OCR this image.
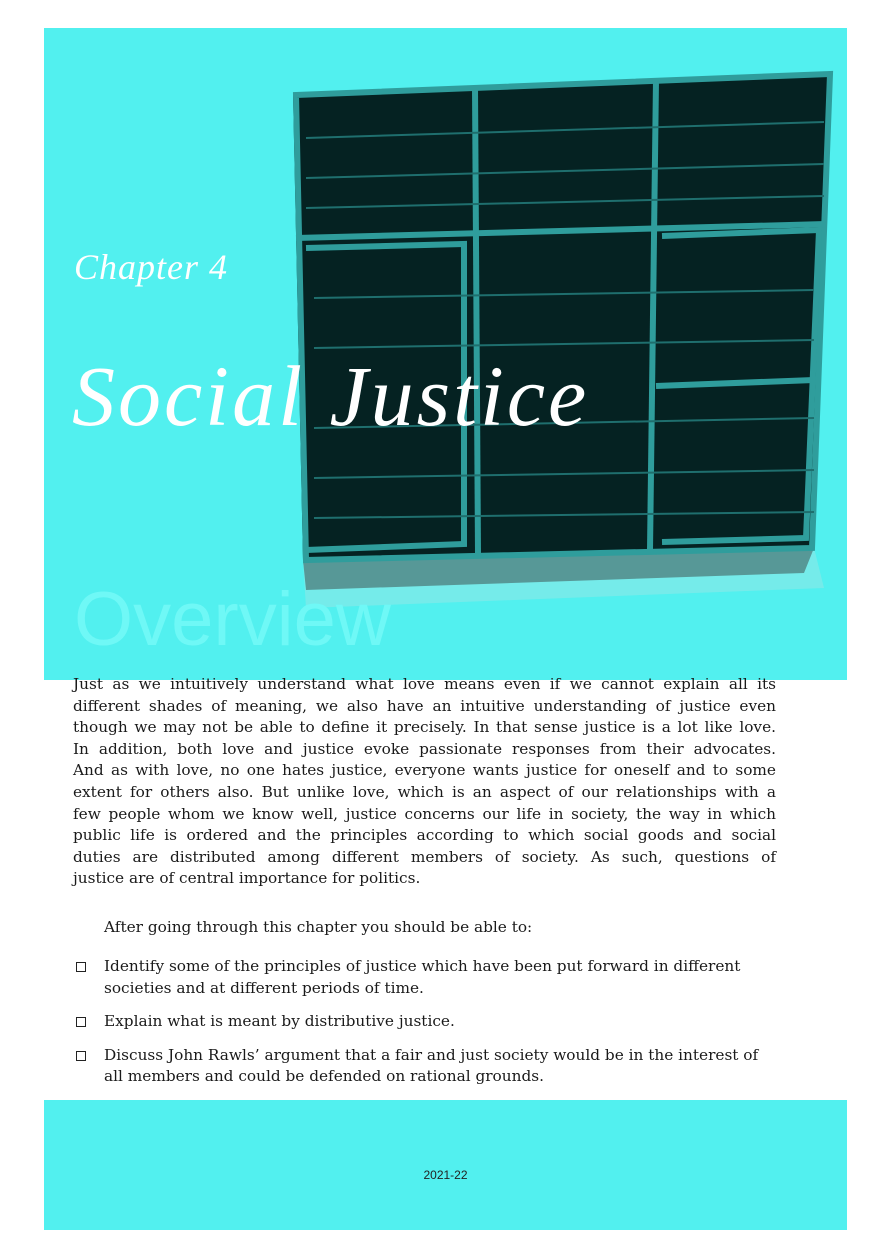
Chapter 4
Social Justice
Overview
Just as we intuitively understand what love means even if we cannot explain all its
different shades of meaning, we also have an intuitive understanding of justice even
though we may not be able to define it precisely. In that sense justice is a lot like love.
In addition, both love and justice evoke passionate responses from their advocates.
And as with love, no one hates justice, everyone wants justice for oneself and to some
extent for others also. But unlike love, which is an aspect of our relationships with a
few people whom we know well, justice concerns our life in society, the way in which
public life is ordered and the principles according to which social goods and social
duties are distributed among different members of society. As such, questions of
justice are of central importance for politics.
After going through this chapter you should be able to:
Identify some of the principles of justice which have been put forward in different societies and at different periods of time.
Explain what is meant by distributive justice.
Discuss John Rawls’ argument that a fair and just society would be in the interest of all members and could be defended on rational grounds.
2021-22
